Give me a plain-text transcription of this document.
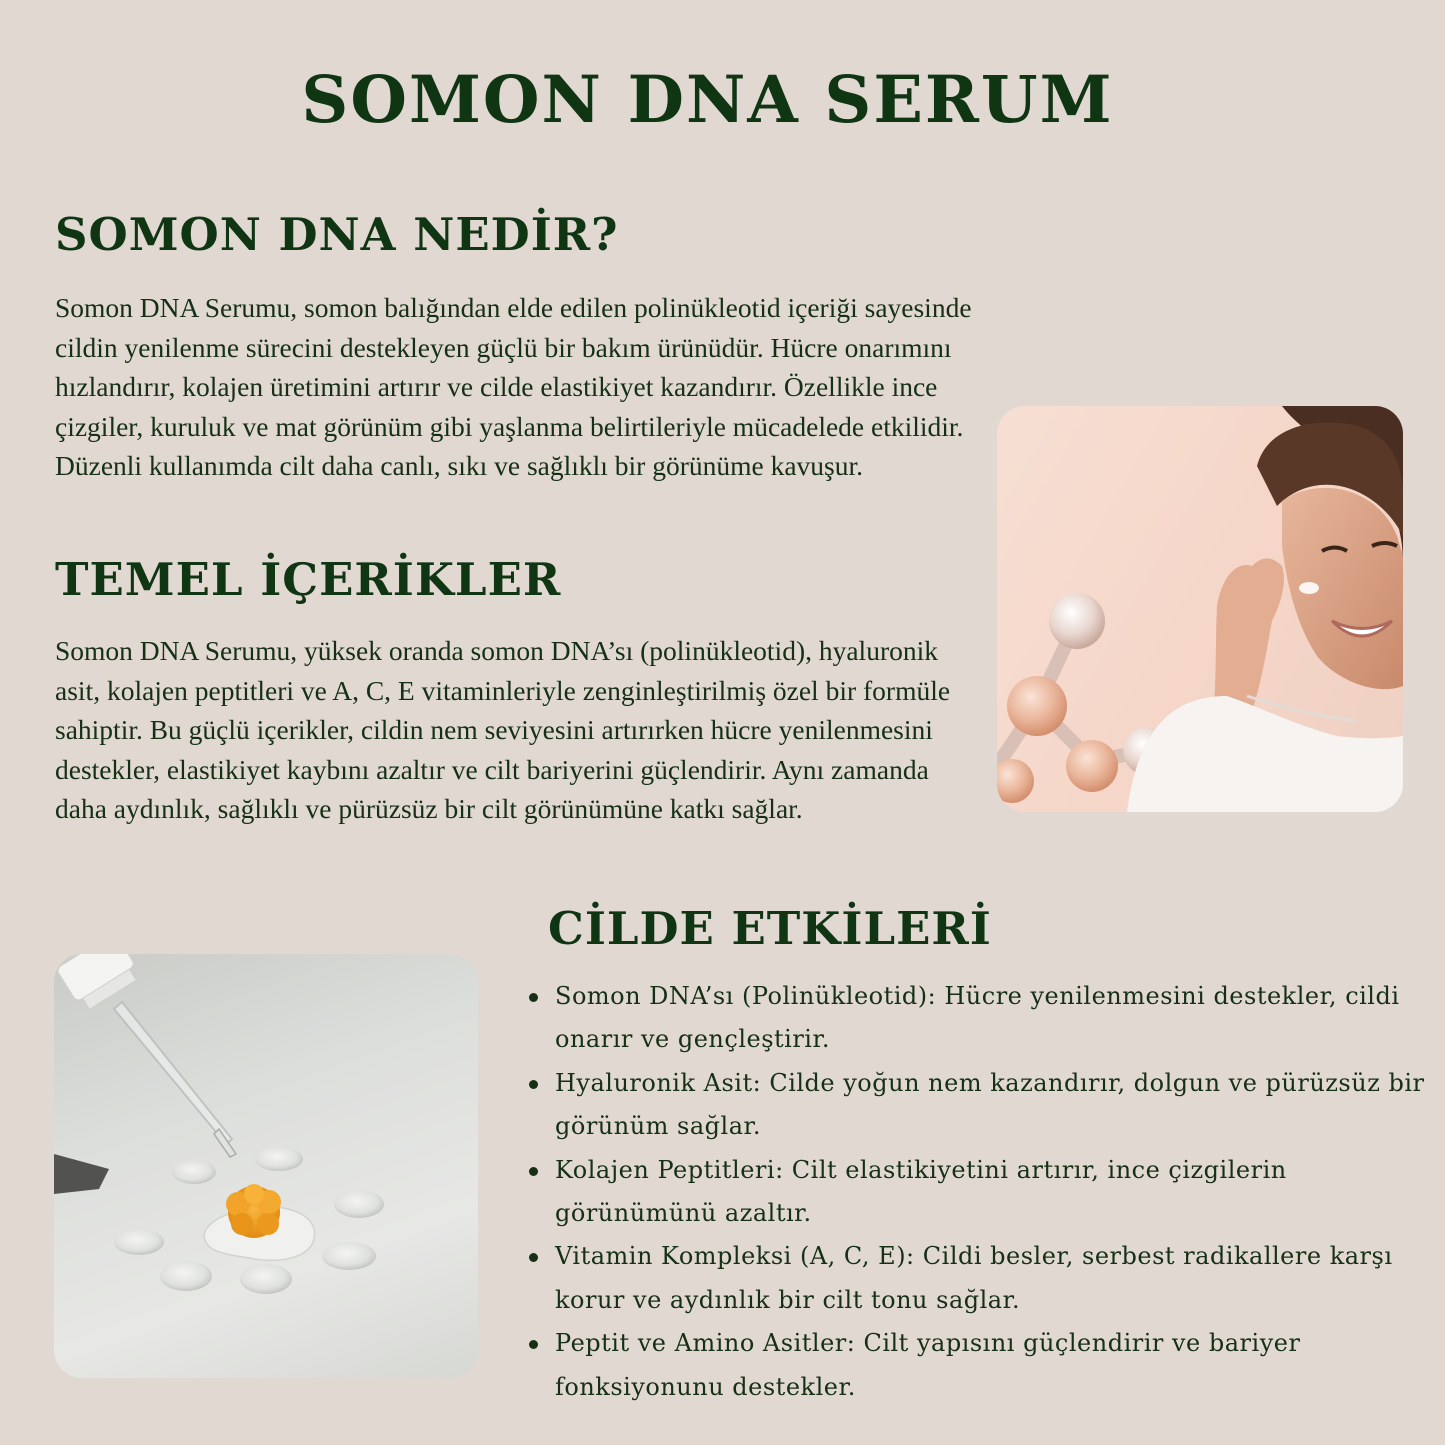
SOMON DNA SERUM
SOMON DNA NEDİR?

Somon DNA Serumu, somon balığından elde edilen polinükleotid içeriği sayesinde cildin yenilenme sürecini destekleyen güçlü bir bakım ürünüdür. Hücre onarımını hızlandırır, kolajen üretimini artırır ve cilde elastikiyet kazandırır. Özellikle ince çizgiler, kuruluk ve mat görünüm gibi yaşlanma belirtileriyle mücadelede etkilidir. Düzenli kullanımda cilt daha canlı, sıkı ve sağlıklı bir görünüme kavuşur.

TEMEL İÇERİKLER

Somon DNA Serumu, yüksek oranda somon DNA’sı (polinükleotid), hyaluronik asit, kolajen peptitleri ve A, C, E vitaminleriyle zenginleştirilmiş özel bir formüle sahiptir. Bu güçlü içerikler, cildin nem seviyesini artırırken hücre yenilenmesini destekler, elastikiyet kaybını azaltır ve cilt bariyerini güçlendirir. Aynı zamanda daha aydınlık, sağlıklı ve pürüzsüz bir cilt görünümüne katkı sağlar.

CİLDE ETKİLERİ
Somon DNA’sı (Polinükleotid): Hücre yenilenmesini destekler, cildi onarır ve gençleştirir.
Hyaluronik Asit: Cilde yoğun nem kazandırır, dolgun ve pürüzsüz bir görünüm sağlar.
Kolajen Peptitleri: Cilt elastikiyetini artırır, ince çizgilerin görünümünü azaltır.
Vitamin Kompleksi (A, C, E): Cildi besler, serbest radikallere karşı korur ve aydınlık bir cilt tonu sağlar.
Peptit ve Amino Asitler: Cilt yapısını güçlendirir ve bariyer fonksiyonunu destekler.
